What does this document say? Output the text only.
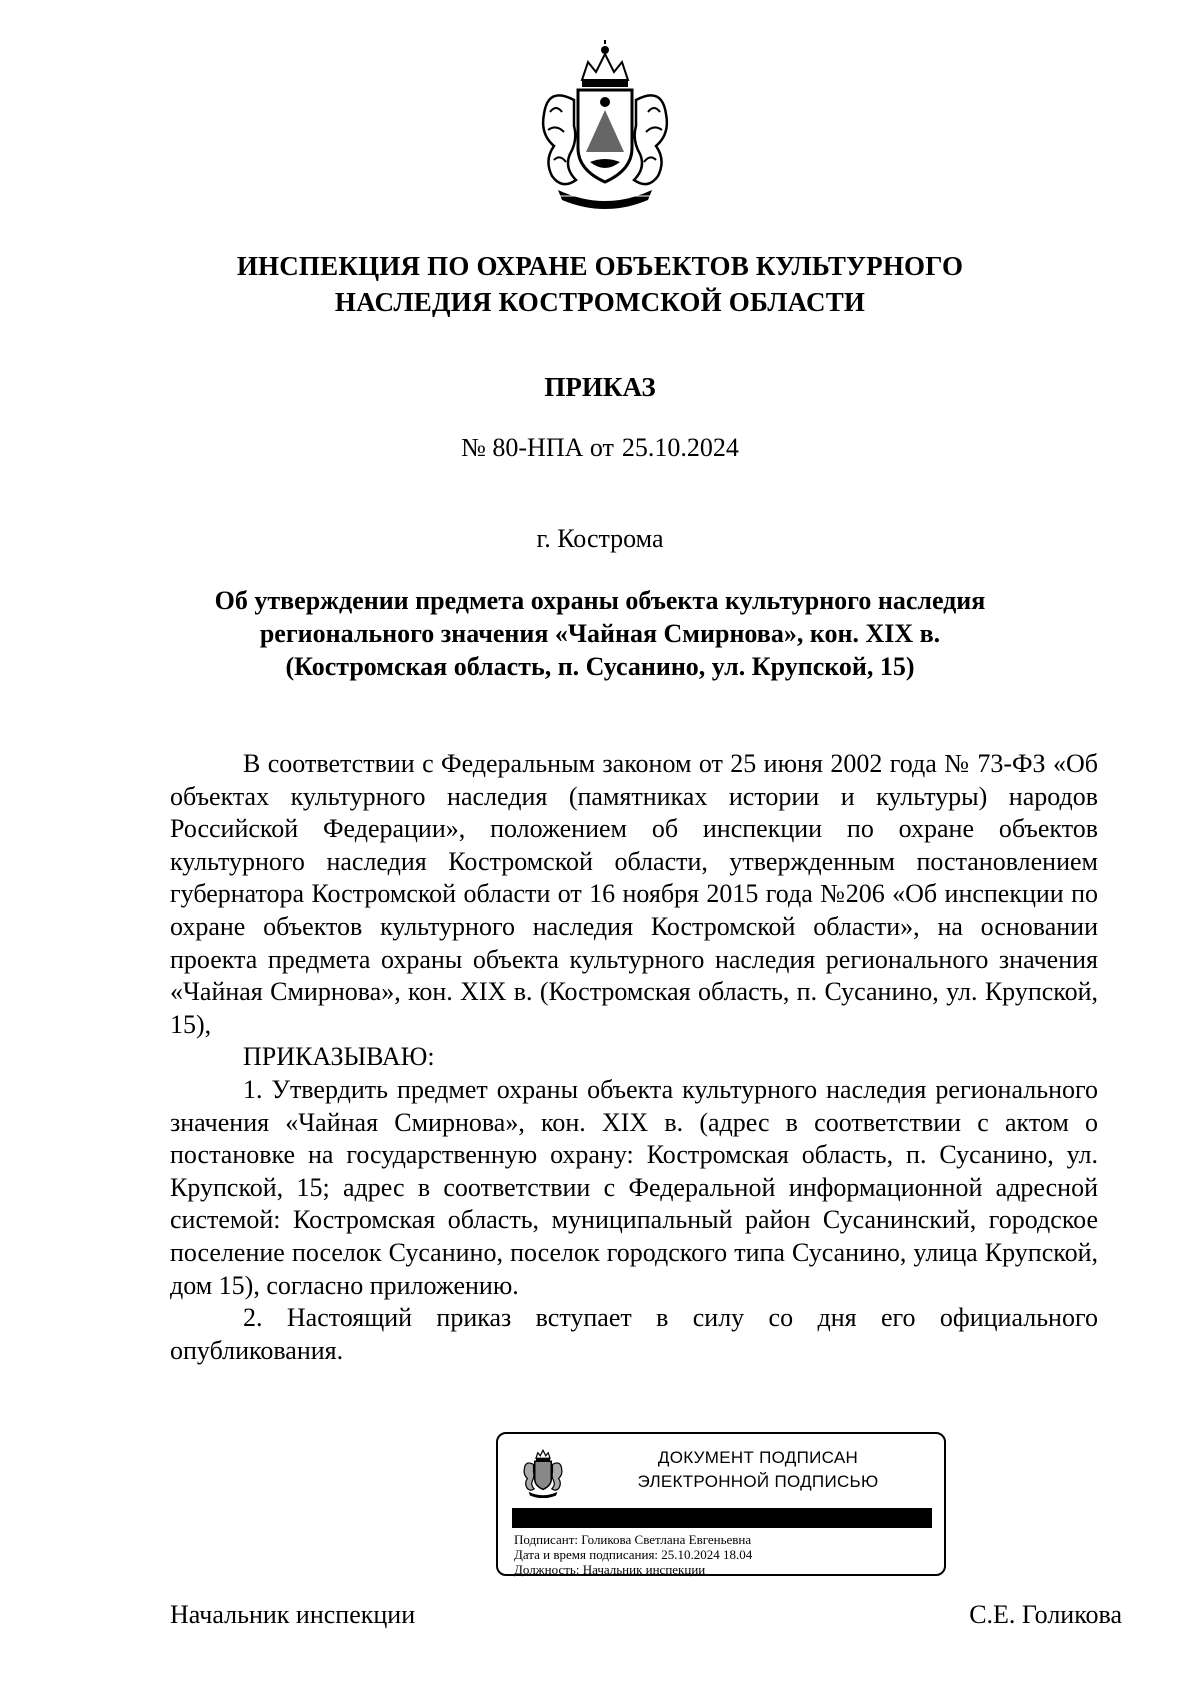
ИНСПЕКЦИЯ ПО ОХРАНЕ ОБЪЕКТОВ КУЛЬТУРНОГО
НАСЛЕДИЯ КОСТРОМСКОЙ ОБЛАСТИ
ПРИКАЗ
№ 80-НПА от 25.10.2024
г. Кострома
Об утверждении предмета охраны объекта культурного наследия
регионального значения «Чайная Смирнова», кон. XIX в.
(Костромская область, п. Сусанино, ул. Крупской, 15)

В соответствии с Федеральным законом от 25 июня 2002 года № 73-ФЗ «Об объектах культурного наследия (памятниках истории и культуры) народов Российской Федерации», положением об инспекции по охране объектов культурного наследия Костромской области, утвержденным постановлением губернатора Костромской области от 16 ноября 2015 года №206 «Об инспекции по охране объектов культурного наследия Костромской области», на основании проекта предмета охраны объекта культурного наследия регионального значения «Чайная Смирнова», кон. XIX в. (Костромская область, п. Сусанино, ул. Крупской, 15),

ПРИКАЗЫВАЮ:

1. Утвердить предмет охраны объекта культурного наследия регионального значения «Чайная Смирнова», кон. XIX в. (адрес в соответствии с актом о постановке на государственную охрану: Костромская область, п. Сусанино, ул. Крупской, 15; адрес в соответствии с Федеральной информационной адресной системой: Костромская область, муниципальный район Сусанинский, городское поселение поселок Сусанино, поселок городского типа Сусанино, улица Крупской, дом 15), согласно приложению.

2. Настоящий приказ вступает в силу со дня его официального опубликования.

ДОКУМЕНТ ПОДПИСАН
ЭЛЕКТРОННОЙ ПОДПИСЬЮ
Подписант: Голикова Светлана Евгеньевна
Дата и время подписания: 25.10.2024 18.04
Должность: Начальник инспекции
Начальник инспекции	С.Е. Голикова
